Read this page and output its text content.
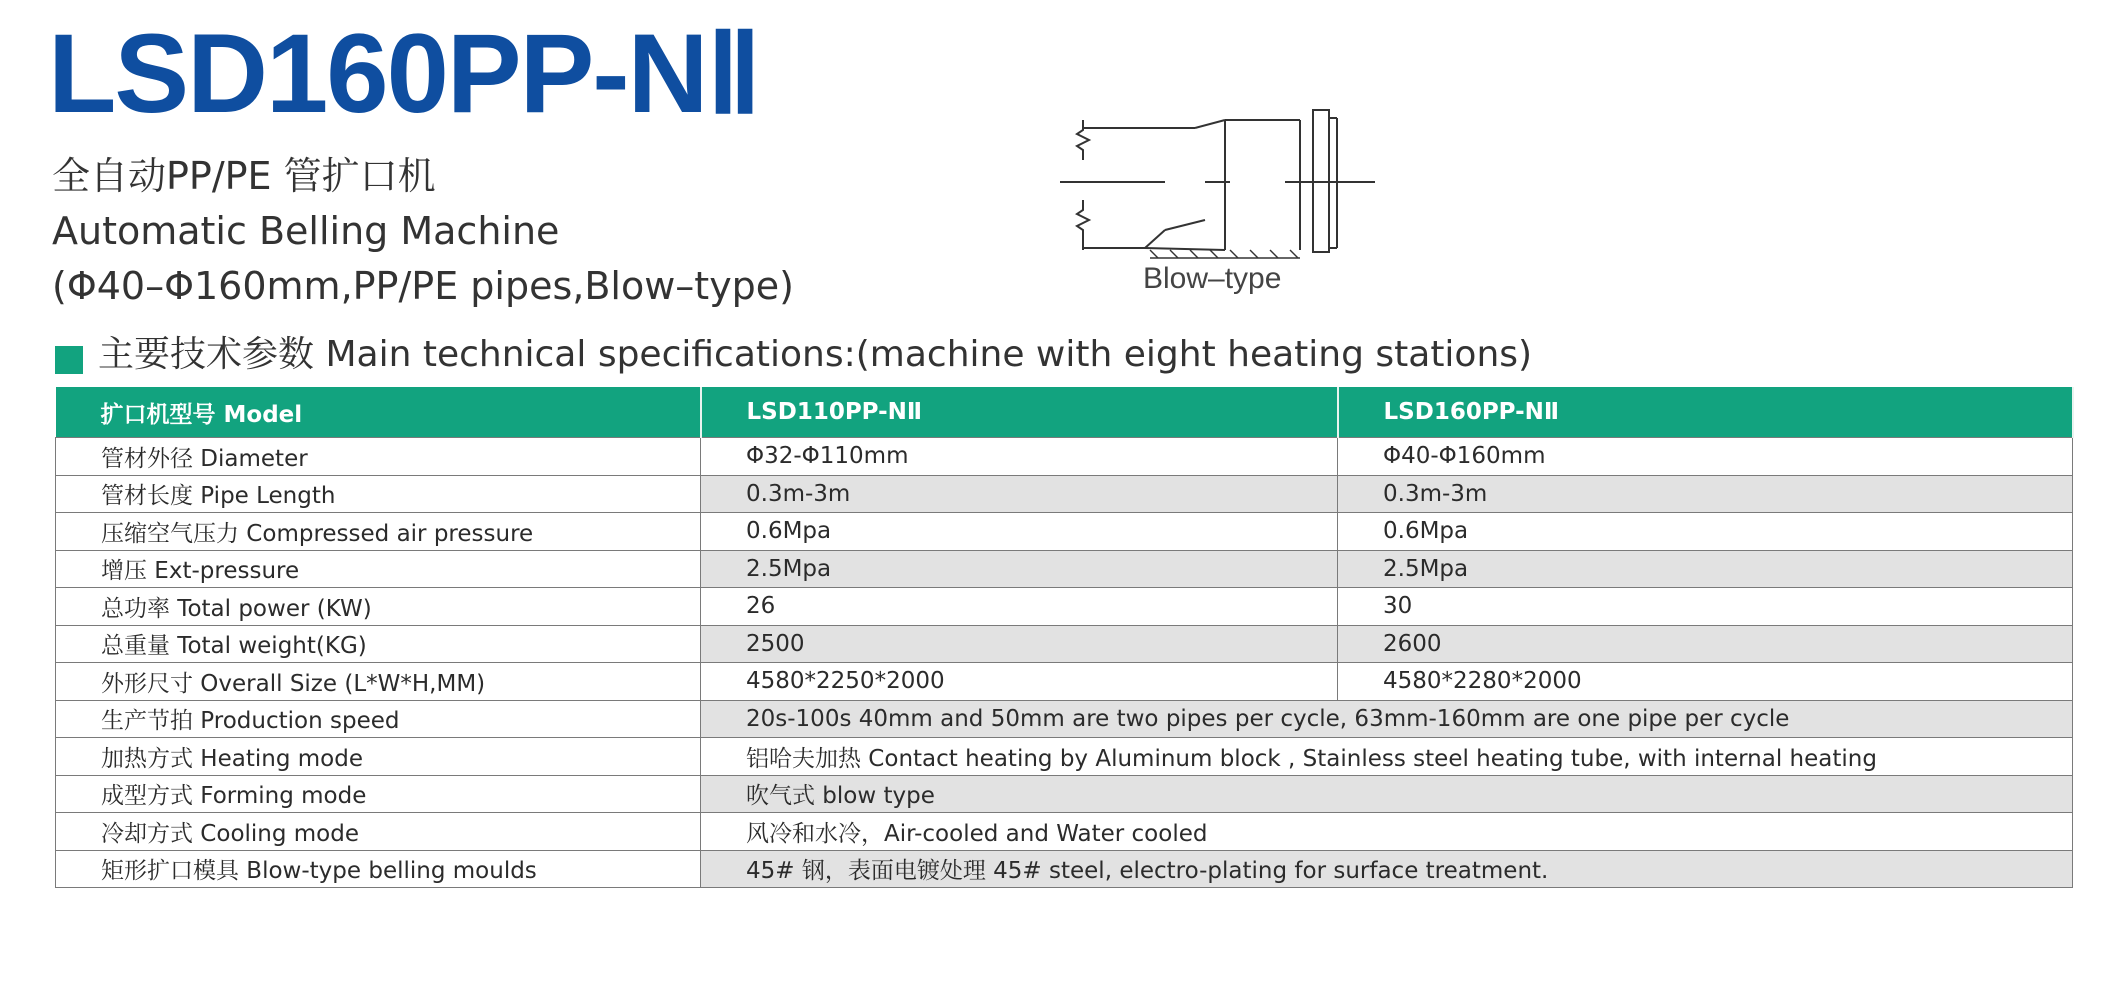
LSD160PP-NⅡ
全自动PP/PE 管扩口机
Automatic Belling Machine
(Φ40–Φ160mm,PP/PE pipes,Blow–type)	Blow–type
主要技术参数 Main technical specifications:(machine with eight heating stations)
扩口机型号 Model	LSD110PP-NⅡ	LSD160PP-NⅡ
管材外径 Diameter	Φ32-Φ110mm	Φ40-Φ160mm
管材长度 Pipe Length	0.3m-3m	0.3m-3m
压缩空气压力 Compressed air pressure	0.6Mpa	0.6Mpa
增压 Ext-pressure	2.5Mpa	2.5Mpa
总功率 Total power (KW)	26	30
总重量 Total weight(KG)	2500	2600
外形尺寸 Overall Size (L*W*H,MM)	4580*2250*2000	4580*2280*2000
生产节拍 Production speed	20s-100s 40mm and 50mm are two pipes per cycle, 63mm-160mm are one pipe per cycle	
加热方式 Heating mode	铝哈夫加热 Contact heating by Aluminum block , Stainless steel heating tube, with internal heating	
成型方式 Forming mode	吹气式 blow type	
冷却方式 Cooling mode	风冷和水冷，Air-cooled and Water cooled	
矩形扩口模具 Blow-type belling moulds	45# 钢，表面电镀处理 45# steel, electro-plating for surface treatment.	
